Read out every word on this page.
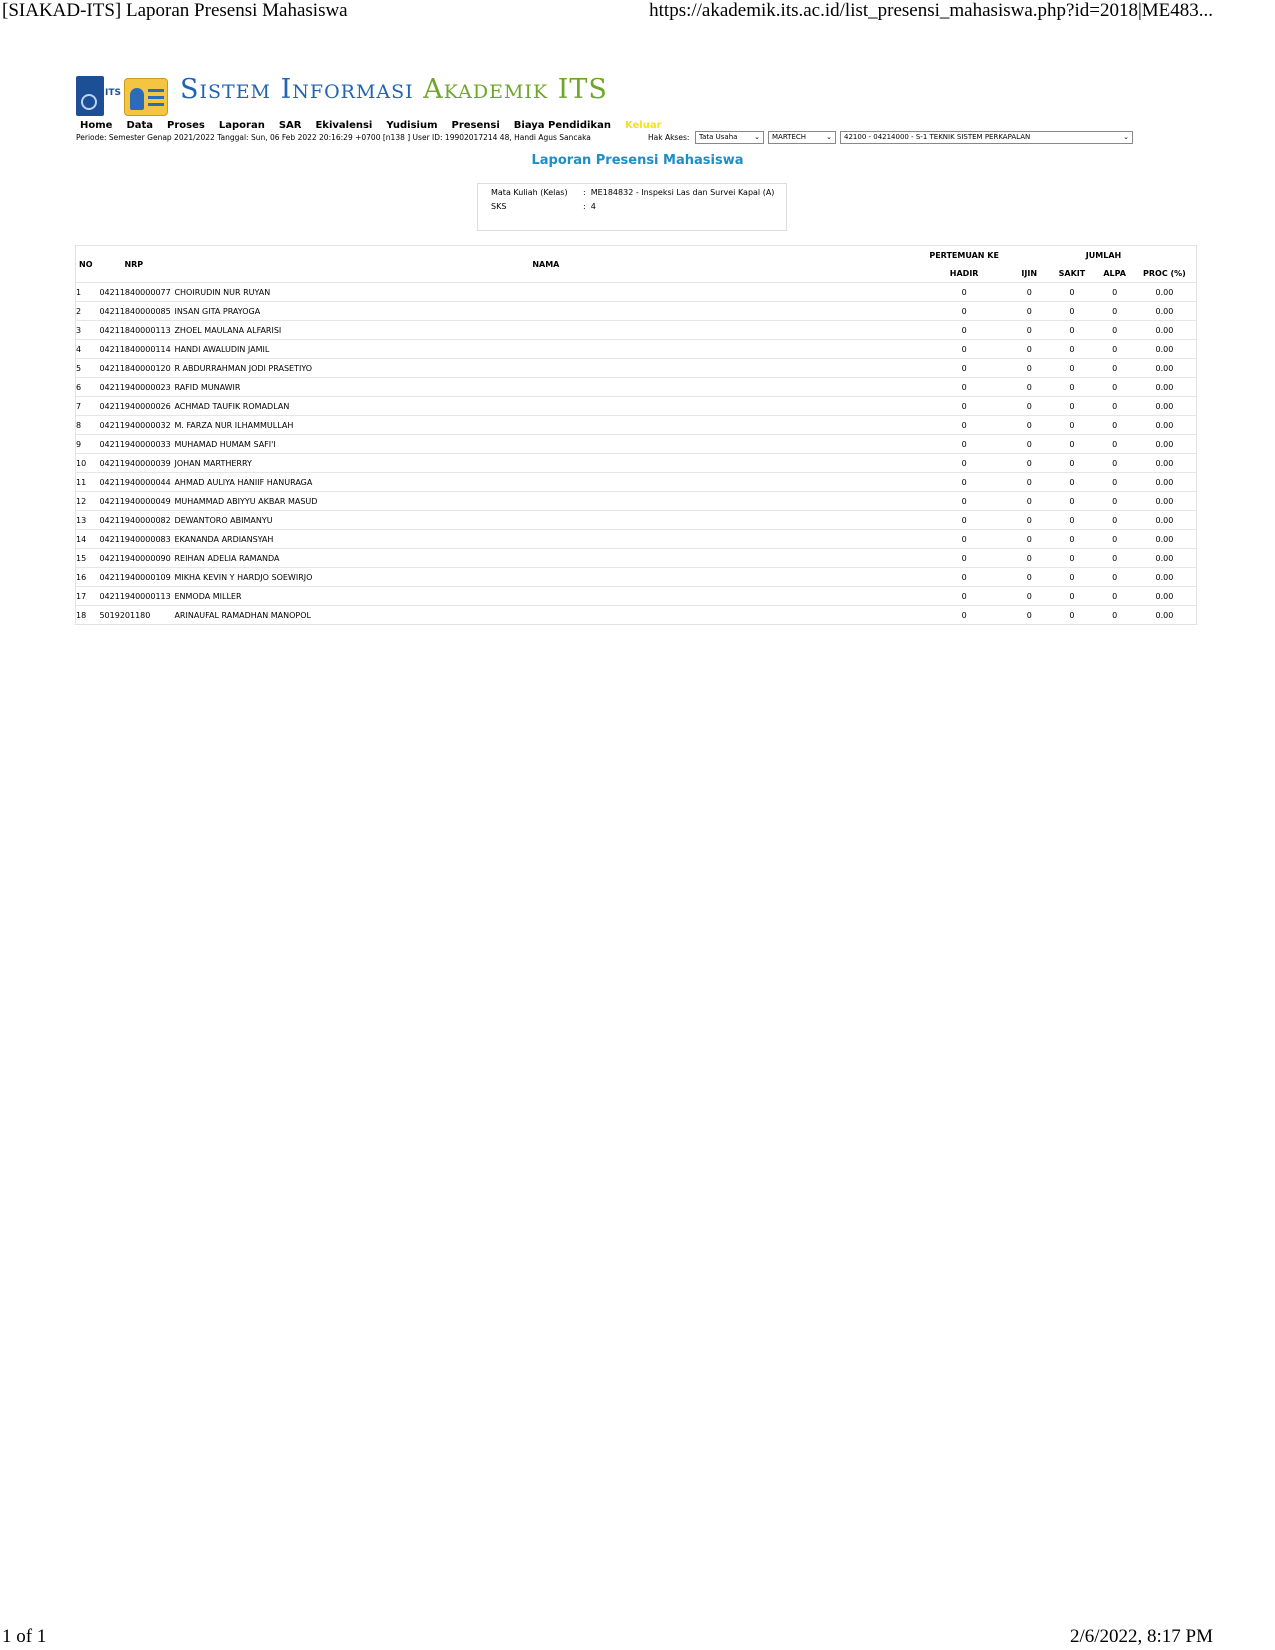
[SIAKAD-ITS] Laporan Presensi Mahasiswa	https://akademik.its.ac.id/list_presensi_mahasiswa.php?id=2018|ME483...
ITS Sistem Informasi Akademik ITS
Home Data Proses Laporan SAR Ekivalensi Yudisium Presensi Biaya Pendidikan Keluar
Periode: Semester Genap 2021/2022 Tanggal: Sun, 06 Feb 2022 20:16:29 +0700 [n138 ] User ID: 19902017214 48, Handi Agus Sancaka	Hak Akses:	Tata Usaha ⌄	MARTECH	⌄	42100 - 04214000 - S-1 TEKNIK SISTEM PERKAPALAN	⌄
Laporan Presensi Mahasiswa
Mata Kuliah (Kelas) :  ME184832 - Inspeksi Las dan Survei Kapal (A)
SKS	:  4
NO	NRP	NAMA	PERTEMUAN KE	JUMLAH			
			HADIR	IJIN	SAKIT	ALPA	PROC (%)
1	04211840000077	CHOIRUDIN NUR RUYAN	0	0	0	0	0.00
2	04211840000085	INSAN GITA PRAYOGA	0	0	0	0	0.00
3	04211840000113	ZHOEL MAULANA ALFARISI	0	0	0	0	0.00
4	04211840000114	HANDI AWALUDIN JAMIL	0	0	0	0	0.00
5	04211840000120	R ABDURRAHMAN JODI PRASETIYO	0	0	0	0	0.00
6	04211940000023	RAFID MUNAWIR	0	0	0	0	0.00
7	04211940000026	ACHMAD TAUFIK ROMADLAN	0	0	0	0	0.00
8	04211940000032	M. FARZA NUR ILHAMMULLAH	0	0	0	0	0.00
9	04211940000033	MUHAMAD HUMAM SAFI'I	0	0	0	0	0.00
10	04211940000039	JOHAN MARTHERRY	0	0	0	0	0.00
11	04211940000044	AHMAD AULIYA HANIIF HANURAGA	0	0	0	0	0.00
12	04211940000049	MUHAMMAD ABIYYU AKBAR MASUD	0	0	0	0	0.00
13	04211940000082	DEWANTORO ABIMANYU	0	0	0	0	0.00
14	04211940000083	EKANANDA ARDIANSYAH	0	0	0	0	0.00
15	04211940000090	REIHAN ADELIA RAMANDA	0	0	0	0	0.00
16	04211940000109	MIKHA KEVIN Y HARDJO SOEWIRJO	0	0	0	0	0.00
17	04211940000113	ENMODA MILLER	0	0	0	0	0.00
18	5019201180	ARINAUFAL RAMADHAN MANOPOL	0	0	0	0	0.00
1 of 1	2/6/2022, 8:17 PM
